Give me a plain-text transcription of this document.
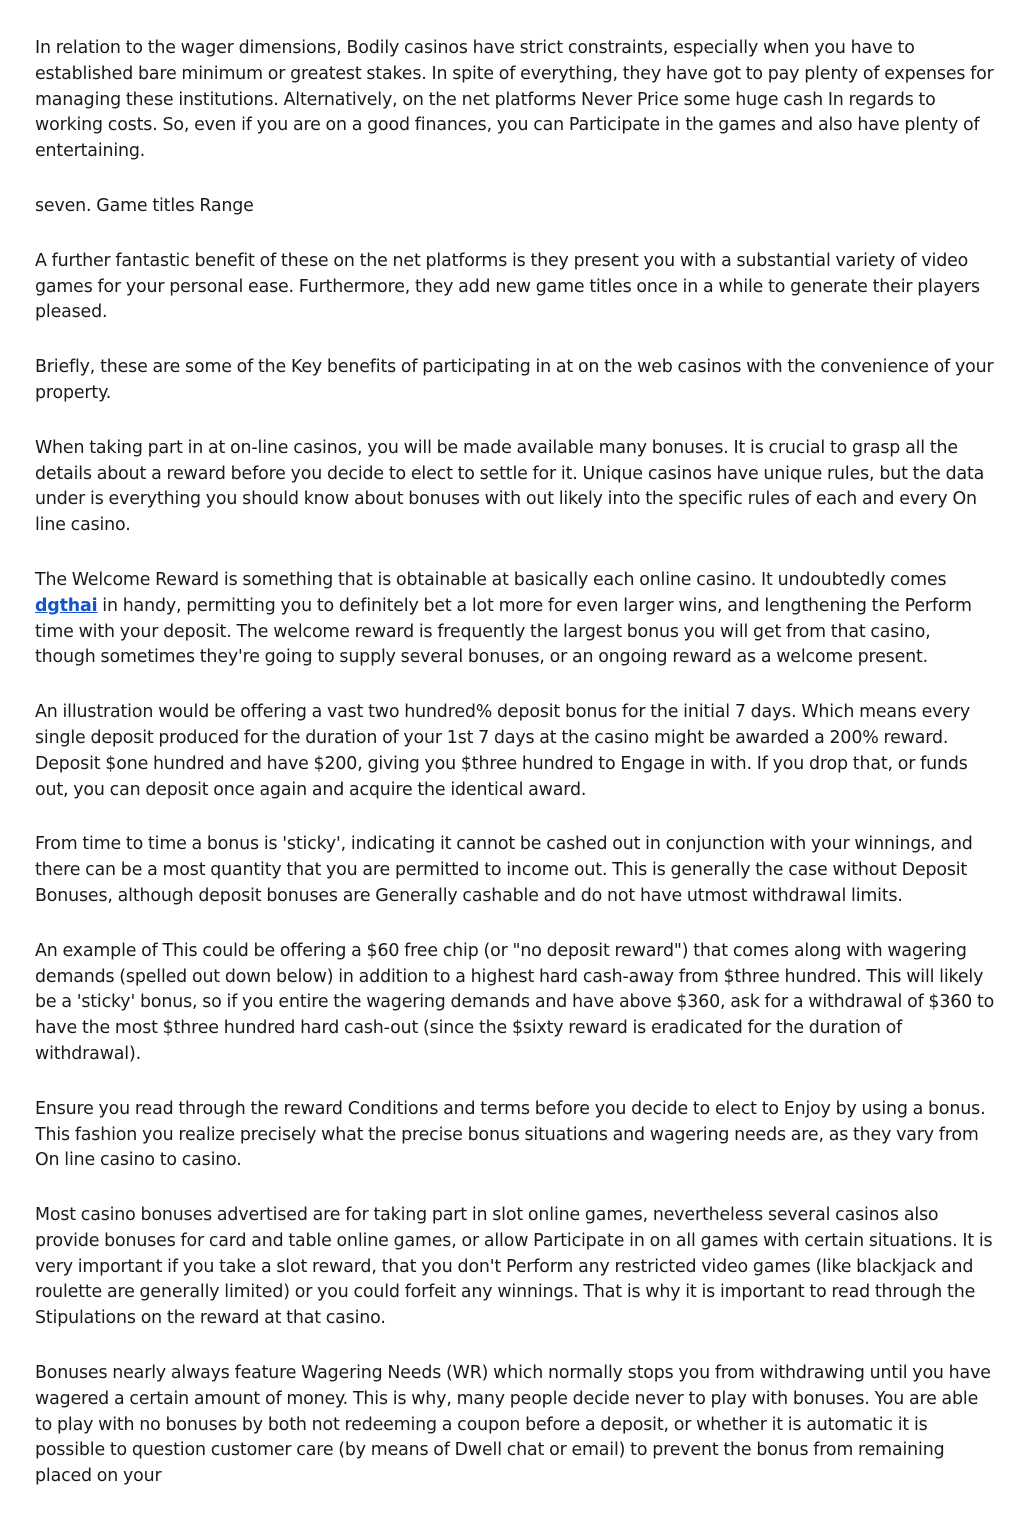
In relation to the wager dimensions, Bodily casinos have strict constraints, especially when you have to established bare minimum or greatest stakes. In spite of everything, they have got to pay plenty of expenses for managing these institutions. Alternatively, on the net platforms Never Price some huge cash In regards to working costs. So, even if you are on a good finances, you can Participate in the games and also have plenty of entertaining.

seven. Game titles Range

A further fantastic benefit of these on the net platforms is they present you with a substantial variety of video games for your personal ease. Furthermore, they add new game titles once in a while to generate their players pleased.

Briefly, these are some of the Key benefits of participating in at on the web casinos with the convenience of your property.

When taking part in at on-line casinos, you will be made available many bonuses. It is crucial to grasp all the details about a reward before you decide to elect to settle for it. Unique casinos have unique rules, but the data under is everything you should know about bonuses with out likely into the specific rules of each and every On line casino.

The Welcome Reward is something that is obtainable at basically each online casino. It undoubtedly comes dgthai in handy, permitting you to definitely bet a lot more for even larger wins, and lengthening the Perform time with your deposit. The welcome reward is frequently the largest bonus you will get from that casino, though sometimes they're going to supply several bonuses, or an ongoing reward as a welcome present.

An illustration would be offering a vast two hundred% deposit bonus for the initial 7 days. Which means every single deposit produced for the duration of your 1st 7 days at the casino might be awarded a 200% reward. Deposit $one hundred and have $200, giving you $three hundred to Engage in with. If you drop that, or funds out, you can deposit once again and acquire the identical award.

From time to time a bonus is 'sticky', indicating it cannot be cashed out in conjunction with your winnings, and there can be a most quantity that you are permitted to income out. This is generally the case without Deposit Bonuses, although deposit bonuses are Generally cashable and do not have utmost withdrawal limits.

An example of This could be offering a $60 free chip (or "no deposit reward") that comes along with wagering demands (spelled out down below) in addition to a highest hard cash-away from $three hundred. This will likely be a 'sticky' bonus, so if you entire the wagering demands and have above $360, ask for a withdrawal of $360 to have the most $three hundred hard cash-out (since the $sixty reward is eradicated for the duration of withdrawal).

Ensure you read through the reward Conditions and terms before you decide to elect to Enjoy by using a bonus. This fashion you realize precisely what the precise bonus situations and wagering needs are, as they vary from On line casino to casino.

Most casino bonuses advertised are for taking part in slot online games, nevertheless several casinos also provide bonuses for card and table online games, or allow Participate in on all games with certain situations. It is very important if you take a slot reward, that you don't Perform any restricted video games (like blackjack and roulette are generally limited) or you could forfeit any winnings. That is why it is important to read through the Stipulations on the reward at that casino.

Bonuses nearly always feature Wagering Needs (WR) which normally stops you from withdrawing until you have wagered a certain amount of money. This is why, many people decide never to play with bonuses. You are able to play with no bonuses by both not redeeming a coupon before a deposit, or whether it is automatic it is possible to question customer care (by means of Dwell chat or email) to prevent the bonus from remaining placed on your
